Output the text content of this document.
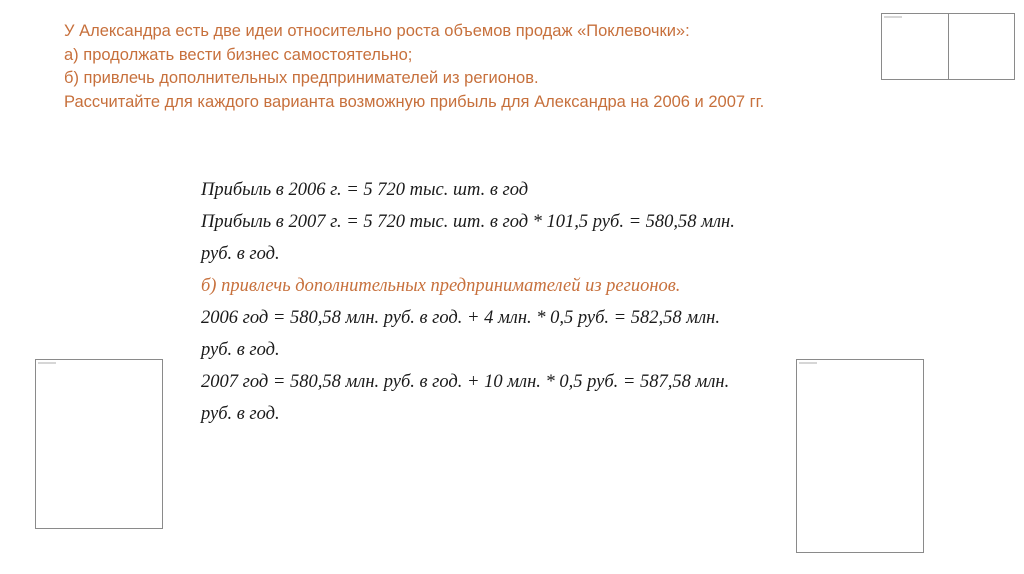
У Александра есть две идеи относительно роста объемов продаж «Поклевочки»:
а) продолжать вести бизнес самостоятельно;
б) привлечь дополнительных предпринимателей из регионов.
Рассчитайте для каждого варианта возможную прибыль для Александра на 2006 и 2007 гг.
Прибыль в 2006 г. = 5 720 тыс. шт. в год
Прибыль в 2007 г. = 5 720 тыс. шт. в год * 101,5 руб. = 580,58 млн.
руб. в год.
б) привлечь дополнительных предпринимателей из регионов.
2006 год = 580,58 млн. руб. в год. + 4 млн. * 0,5 руб. = 582,58 млн.
руб. в год.
2007 год = 580,58 млн. руб. в год. + 10 млн. * 0,5 руб. = 587,58 млн.
руб. в год.
